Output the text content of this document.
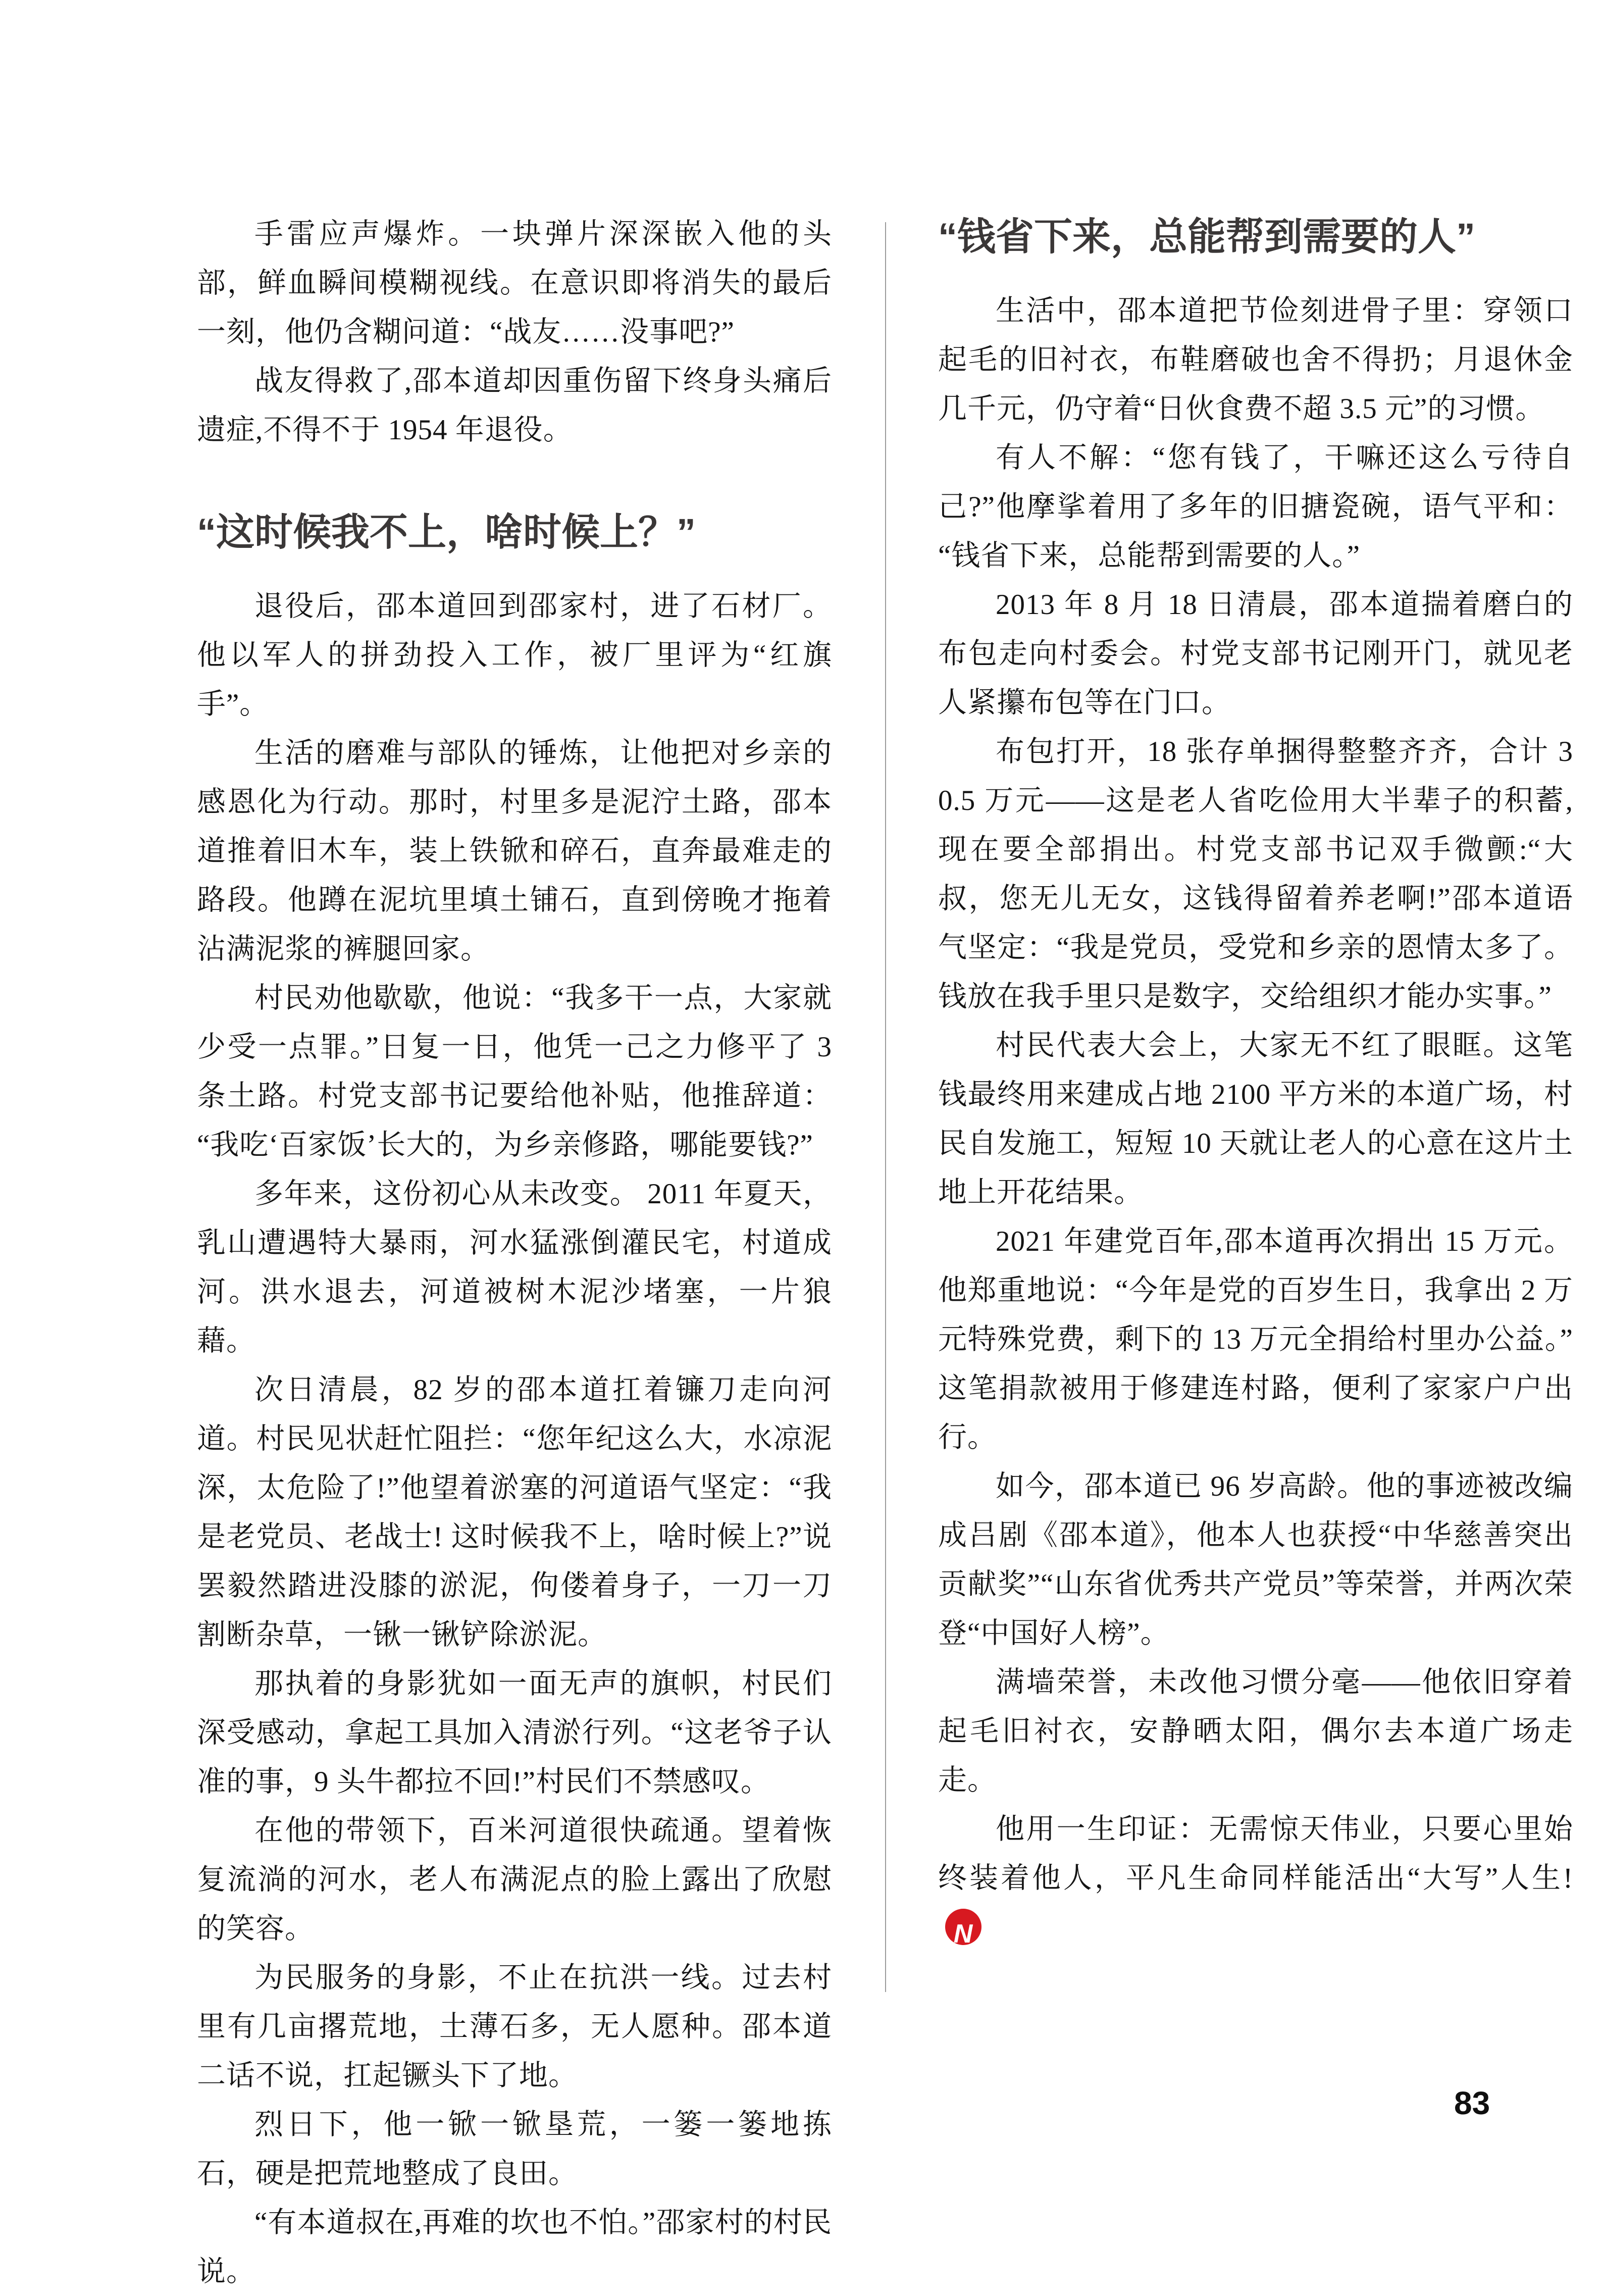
手雷应声爆炸。一块弹片深深嵌入他的头部，鲜血瞬间模糊视线。在意识即将消失的最后一刻，他仍含糊问道：“战友……没事吧?”

战友得救了,邵本道却因重伤留下终身头痛后遗症,不得不于 1954 年退役。

“这时候我不上，啥时候上？”

退役后，邵本道回到邵家村，进了石材厂。他以军人的拼劲投入工作，被厂里评为“红旗手”。

生活的磨难与部队的锤炼，让他把对乡亲的感恩化为行动。那时，村里多是泥泞土路，邵本道推着旧木车，装上铁锨和碎石，直奔最难走的路段。他蹲在泥坑里填土铺石，直到傍晚才拖着沾满泥浆的裤腿回家。

村民劝他歇歇，他说：“我多干一点，大家就少受一点罪。”日复一日，他凭一己之力修平了 3 条土路。村党支部书记要给他补贴，他推辞道：“我吃‘百家饭’长大的，为乡亲修路，哪能要钱?”

多年来，这份初心从未改变。 2011 年夏天，乳山遭遇特大暴雨，河水猛涨倒灌民宅，村道成河。洪水退去，河道被树木泥沙堵塞，一片狼藉。

次日清晨，82 岁的邵本道扛着镰刀走向河道。村民见状赶忙阻拦：“您年纪这么大，水凉泥深，太危险了!”他望着淤塞的河道语气坚定：“我是老党员、老战士! 这时候我不上，啥时候上?”说罢毅然踏进没膝的淤泥，佝偻着身子，一刀一刀割断杂草，一锹一锹铲除淤泥。

那执着的身影犹如一面无声的旗帜，村民们深受感动，拿起工具加入清淤行列。“这老爷子认准的事，9 头牛都拉不回!”村民们不禁感叹。

在他的带领下，百米河道很快疏通。望着恢复流淌的河水，老人布满泥点的脸上露出了欣慰的笑容。

为民服务的身影，不止在抗洪一线。过去村里有几亩撂荒地，土薄石多，无人愿种。邵本道二话不说，扛起镢头下了地。

烈日下，他一锨一锨垦荒，一篓一篓地拣石，硬是把荒地整成了良田。

“有本道叔在,再难的坎也不怕。”邵家村的村民说。

“钱省下来，总能帮到需要的人”

生活中，邵本道把节俭刻进骨子里：穿领口起毛的旧衬衣，布鞋磨破也舍不得扔；月退休金几千元，仍守着“日伙食费不超 3.5 元”的习惯。

有人不解：“您有钱了，干嘛还这么亏待自己?”他摩挲着用了多年的旧搪瓷碗，语气平和：“钱省下来，总能帮到需要的人。”

2013 年 8 月 18 日清晨，邵本道揣着磨白的布包走向村委会。村党支部书记刚开门，就见老人紧攥布包等在门口。

布包打开，18 张存单捆得整整齐齐，合计 30.5 万元——这是老人省吃俭用大半辈子的积蓄,现在要全部捐出。村党支部书记双手微颤:“大叔，您无儿无女，这钱得留着养老啊!”邵本道语气坚定：“我是党员，受党和乡亲的恩情太多了。钱放在我手里只是数字，交给组织才能办实事。”

村民代表大会上，大家无不红了眼眶。这笔钱最终用来建成占地 2100 平方米的本道广场，村民自发施工，短短 10 天就让老人的心意在这片土地上开花结果。

2021 年建党百年,邵本道再次捐出 15 万元。他郑重地说：“今年是党的百岁生日，我拿出 2 万元特殊党费，剩下的 13 万元全捐给村里办公益。”这笔捐款被用于修建连村路，便利了家家户户出行。

如今，邵本道已 96 岁高龄。他的事迹被改编成吕剧《邵本道》，他本人也获授“中华慈善突出贡献奖”“山东省优秀共产党员”等荣誉，并两次荣登“中国好人榜”。

满墙荣誉，未改他习惯分毫——他依旧穿着起毛旧衬衣，安静晒太阳，偶尔去本道广场走走。

他用一生印证：无需惊天伟业，只要心里始终装着他人，平凡生命同样能活出“大写”人生! N

83
